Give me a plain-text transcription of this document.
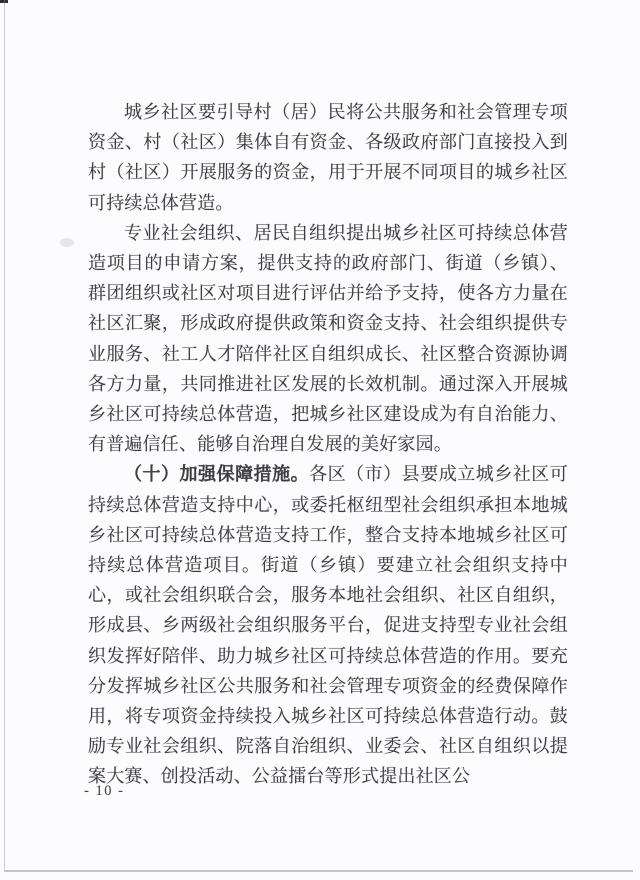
城乡社区要引导村（居）民将公共服务和社会管理专项资金、村（社区）集体自有资金、各级政府部门直接投入到村（社区）开展服务的资金，用于开展不同项目的城乡社区可持续总体营造。

专业社会组织、居民自组织提出城乡社区可持续总体营造项目的申请方案，提供支持的政府部门、街道（乡镇）、群团组织或社区对项目进行评估并给予支持，使各方力量在社区汇聚，形成政府提供政策和资金支持、社会组织提供专业服务、社工人才陪伴社区自组织成长、社区整合资源协调各方力量，共同推进社区发展的长效机制。通过深入开展城乡社区可持续总体营造，把城乡社区建设成为有自治能力、有普遍信任、能够自治理自发展的美好家园。

（十）加强保障措施。各区（市）县要成立城乡社区可持续总体营造支持中心，或委托枢纽型社会组织承担本地城乡社区可持续总体营造支持工作，整合支持本地城乡社区可持续总体营造项目。街道（乡镇）要建立社会组织支持中心，或社会组织联合会，服务本地社会组织、社区自组织，形成县、乡两级社会组织服务平台，促进支持型专业社会组织发挥好陪伴、助力城乡社区可持续总体营造的作用。要充分发挥城乡社区公共服务和社会管理专项资金的经费保障作用，将专项资金持续投入城乡社区可持续总体营造行动。鼓励专业社会组织、院落自治组织、业委会、社区自组织以提案大赛、创投活动、公益擂台等形式提出社区公

- 10 -
